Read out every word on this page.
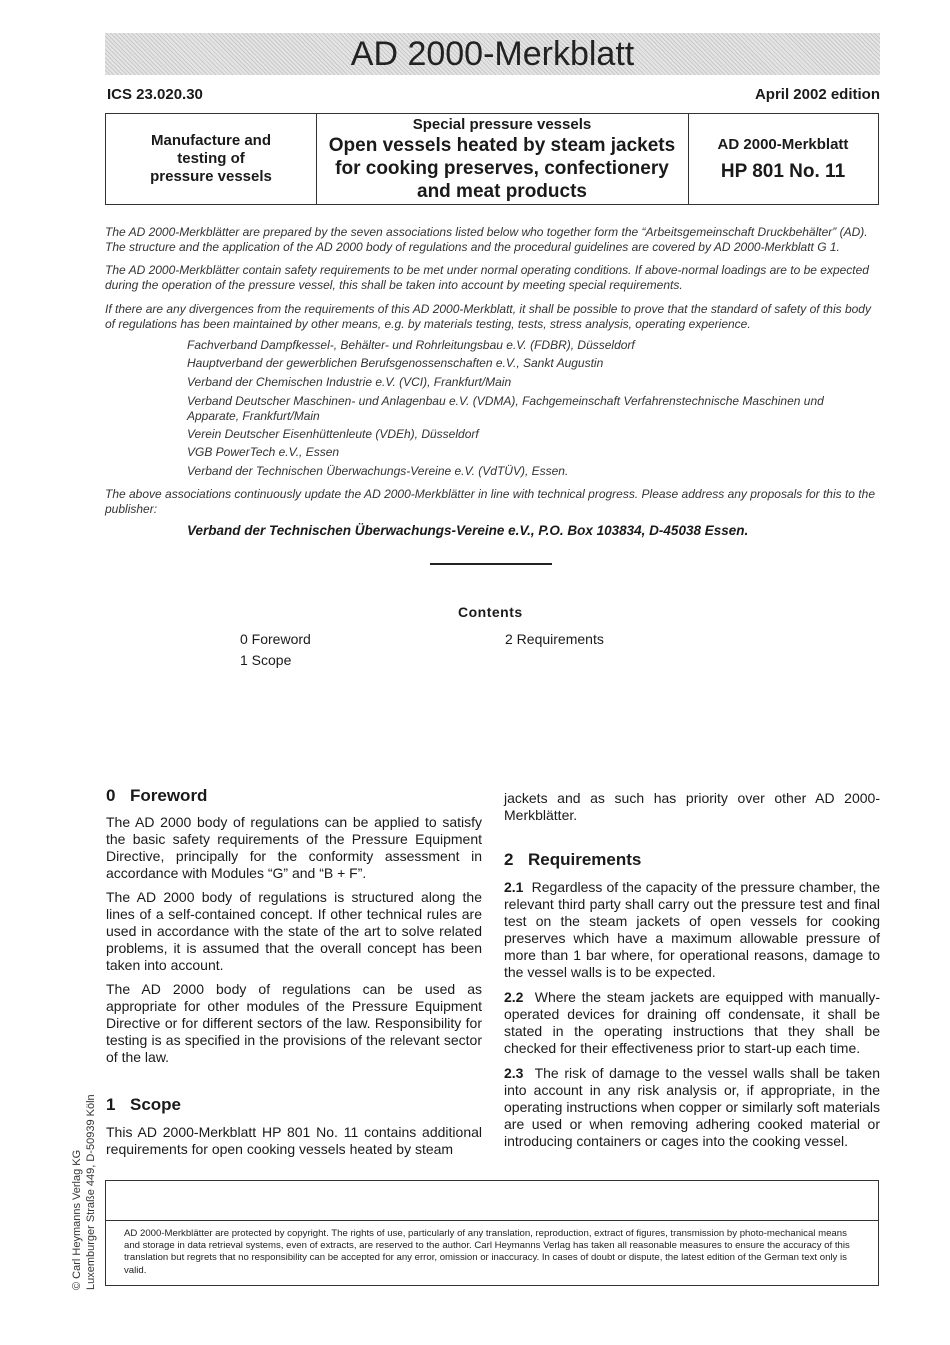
AD 2000-Merkblatt
ICS 23.020.30	April 2002 edition
Manufacture and
testing of
pressure vessels
Special pressure vessels
Open vessels heated by steam jackets
for cooking preserves, confectionery
and meat products
AD 2000-Merkblatt
HP 801 No. 11
The AD 2000-Merkblätter are prepared by the seven associations listed below who together form the “Arbeitsgemeinschaft Druckbehälter” (AD). The structure and the application of the AD 2000 body of regulations and the procedural guidelines are covered by AD 2000-Merkblatt G 1.
The AD 2000-Merkblätter contain safety requirements to be met under normal operating conditions. If above-normal loadings are to be expected during the operation of the pressure vessel, this shall be taken into account by meeting special requirements.
If there are any divergences from the requirements of this AD 2000-Merkblatt, it shall be possible to prove that the standard of safety of this body of regulations has been maintained by other means, e.g. by materials testing, tests, stress analysis, operating experience.
Fachverband Dampfkessel-, Behälter- und Rohrleitungsbau e.V. (FDBR), Düsseldorf
Hauptverband der gewerblichen Berufsgenossenschaften e.V., Sankt Augustin
Verband der Chemischen Industrie e.V. (VCI), Frankfurt/Main
Verband Deutscher Maschinen- und Anlagenbau e.V. (VDMA), Fachgemeinschaft Verfahrenstechnische Maschinen und Apparate, Frankfurt/Main
Verein Deutscher Eisenhüttenleute (VDEh), Düsseldorf
VGB PowerTech e.V., Essen
Verband der Technischen Überwachungs-Vereine e.V. (VdTÜV), Essen.
The above associations continuously update the AD 2000-Merkblätter in line with technical progress. Please address any proposals for this to the publisher:
Verband der Technischen Überwachungs-Vereine e.V., P.O. Box 103834, D-45038 Essen.
Contents
0 Foreword
1 Scope
2 Requirements
0 Foreword

The AD 2000 body of regulations can be applied to satisfy the basic safety requirements of the Pressure Equipment Directive, principally for the conformity assessment in accordance with Modules “G” and “B + F”.

The AD 2000 body of regulations is structured along the lines of a self-contained concept. If other technical rules are used in accordance with the state of the art to solve related problems, it is assumed that the overall concept has been taken into account.

The AD 2000 body of regulations can be used as appropriate for other modules of the Pressure Equipment Directive or for different sectors of the law. Responsibility for testing is as specified in the provisions of the relevant sector of the law.

1 Scope

This AD 2000-Merkblatt HP 801 No. 11 contains additional requirements for open cooking vessels heated by steam

jackets and as such has priority over other AD 2000-Merkblätter.

2 Requirements

2.1 Regardless of the capacity of the pressure chamber, the relevant third party shall carry out the pressure test and final test on the steam jackets of open vessels for cooking preserves which have a maximum allowable pressure of more than 1 bar where, for operational reasons, damage to the vessel walls is to be expected.

2.2 Where the steam jackets are equipped with manually-operated devices for draining off condensate, it shall be stated in the operating instructions that they shall be checked for their effectiveness prior to start-up each time.

2.3 The risk of damage to the vessel walls shall be taken into account in any risk analysis or, if appropriate, in the operating instructions when copper or similarly soft materials are used or when removing adhering cooked material or introducing containers or cages into the cooking vessel.

AD 2000-Merkblätter are protected by copyright. The rights of use, particularly of any translation, reproduction, extract of figures, transmission by photo-mechanical means and storage in data retrieval systems, even of extracts, are reserved to the author. Carl Heymanns Verlag has taken all reasonable measures to ensure the accuracy of this translation but regrets that no responsibility can be accepted for any error, omission or inaccuracy. In cases of doubt or dispute, the latest edition of the German text only is valid.
© Carl Heymanns Verlag KG Luxemburger Straße 449, D-50939 Köln
